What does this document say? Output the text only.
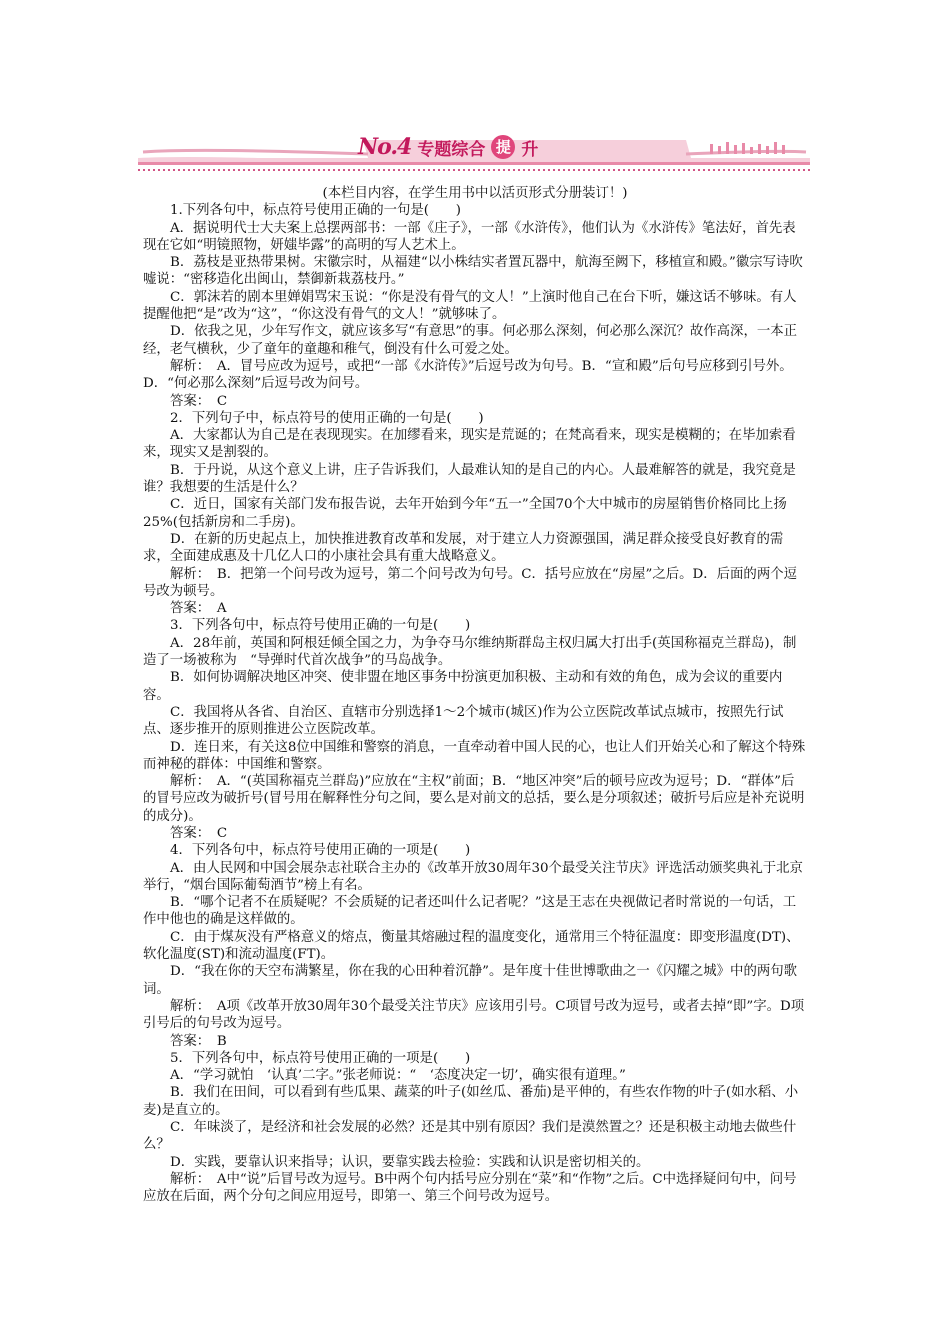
No.4 专题综合 提 升

(本栏目内容，在学生用书中以活页形式分册装订！)

1.下列各句中，标点符号使用正确的一句是(　　)

A．据说明代士大夫案上总摆两部书：一部《庄子》，一部《水浒传》，他们认为《水浒传》笔法好，首先表现在它如“明镜照物，妍媸毕露”的高明的写人艺术上。

B．荔枝是亚热带果树。宋徽宗时，从福建“以小株结实者置瓦器中，航海至阙下，移植宣和殿。”徽宗写诗吹嘘说：“密移造化出闽山，禁御新栽荔枝丹。”

C．郭沫若的剧本里婵娟骂宋玉说：“你是没有骨气的文人！”上演时他自己在台下听，嫌这话不够味。有人提醒他把“是”改为“这”，“你这没有骨气的文人！”就够味了。

D．依我之见，少年写作文，就应该多写“有意思”的事。何必那么深刻，何必那么深沉？故作高深，一本正经，老气横秋，少了童年的童趣和稚气，倒没有什么可爱之处。

解析：　A．冒号应改为逗号，或把“一部《水浒传》”后逗号改为句号。B．“宣和殿”后句号应移到引号外。D．“何必那么深刻”后逗号改为问号。

答案：　C

2．下列句子中，标点符号的使用正确的一句是(　　)

A．大家都认为自己是在表现现实。在加缪看来，现实是荒诞的；在梵高看来，现实是模糊的；在毕加索看来，现实又是割裂的。

B．于丹说，从这个意义上讲，庄子告诉我们，人最难认知的是自己的内心。人最难解答的就是，我究竟是谁？我想要的生活是什么？

C．近日，国家有关部门发布报告说，去年开始到今年“五一”全国70个大中城市的房屋销售价格同比上扬25%(包括新房和二手房)。

D．在新的历史起点上，加快推进教育改革和发展，对于建立人力资源强国，满足群众接受良好教育的需求，全面建成惠及十几亿人口的小康社会具有重大战略意义。

解析：　B．把第一个问号改为逗号，第二个问号改为句号。C．括号应放在“房屋”之后。D．后面的两个逗号改为顿号。

答案：　A

3．下列各句中，标点符号使用正确的一句是(　　)

A．28年前，英国和阿根廷倾全国之力，为争夺马尔维纳斯群岛主权归属大打出手(英国称福克兰群岛)，制造了一场被称为　“导弹时代首次战争”的马岛战争。

B．如何协调解决地区冲突、使非盟在地区事务中扮演更加积极、主动和有效的角色，成为会议的重要内容。

C．我国将从各省、自治区、直辖市分别选择1～2个城市(城区)作为公立医院改革试点城市，按照先行试点、逐步推开的原则推进公立医院改革。

D．连日来，有关这8位中国维和警察的消息，一直牵动着中国人民的心，也让人们开始关心和了解这个特殊而神秘的群体：中国维和警察。

解析：　A．“(英国称福克兰群岛)”应放在“主权”前面；B．“地区冲突”后的顿号应改为逗号；D．“群体”后的冒号应改为破折号(冒号用在解释性分句之间，要么是对前文的总括，要么是分项叙述；破折号后应是补充说明的成分)。

答案：　C

4．下列各句中，标点符号使用正确的一项是(　　)

A．由人民网和中国会展杂志社联合主办的《改革开放30周年30个最受关注节庆》评选活动颁奖典礼于北京举行，“烟台国际葡萄酒节”榜上有名。

B．“哪个记者不在质疑呢？不会质疑的记者还叫什么记者呢？”这是王志在央视做记者时常说的一句话，工作中他也的确是这样做的。

C．由于煤灰没有严格意义的熔点，衡量其熔融过程的温度变化，通常用三个特征温度：即变形温度(DT)、软化温度(ST)和流动温度(FT)。

D．“我在你的天空布满繁星，你在我的心田种着沉静”。是年度十佳世博歌曲之一《闪耀之城》中的两句歌词。

解析：　A项《改革开放30周年30个最受关注节庆》应该用引号。C项冒号改为逗号，或者去掉“即”字。D项引号后的句号改为逗号。

答案：　B

5．下列各句中，标点符号使用正确的一项是(　　)

A．“学习就怕　‘认真’二字。”张老师说：“　‘态度决定一切’，确实很有道理。”

B．我们在田间，可以看到有些瓜果、蔬菜的叶子(如丝瓜、番茄)是平伸的，有些农作物的叶子(如水稻、小麦)是直立的。

C．年味淡了，是经济和社会发展的必然？还是其中别有原因？我们是漠然置之？还是积极主动地去做些什么？

D．实践，要靠认识来指导；认识，要靠实践去检验：实践和认识是密切相关的。

解析：　A中“说”后冒号改为逗号。B中两个句内括号应分别在“菜”和“作物”之后。C中选择疑问句中，问号应放在后面，两个分句之间应用逗号，即第一、第三个问号改为逗号。
